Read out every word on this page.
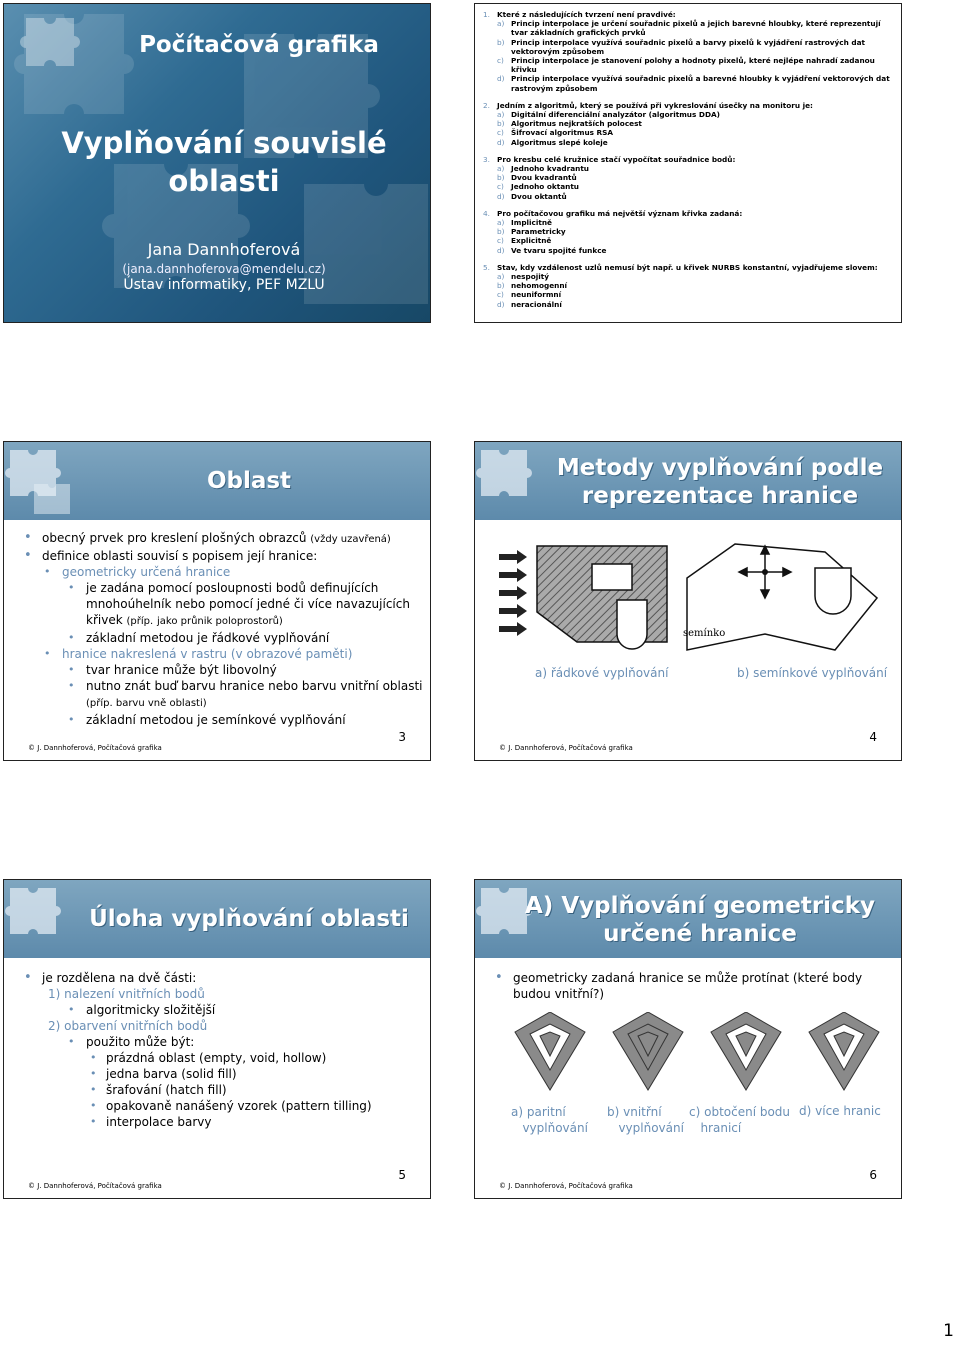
Počítačová grafika
Vyplňování souvislé oblasti
Jana Dannhoferová
(jana.dannhoferova@mendelu.cz)
Ústav informatiky, PEF MZLU
1. Které z následujících tvrzení není pravdivé:
a) Princip interpolace je určení souřadnic pixelů a jejich barevné hloubky, které reprezentují tvar základních grafických prvků
b) Princip interpolace využívá souřadnic pixelů a barvy pixelů k vyjádření rastrových dat vektorovým způsobem
c) Princip interpolace je stanovení polohy a hodnoty pixelů, které nejlépe nahradí zadanou křivku
d) Princip interpolace využívá souřadnic pixelů a barevné hloubky k vyjádření vektorových dat rastrovým způsobem
2. Jedním z algoritmů, který se používá při vykreslování úsečky na monitoru je:
a) Digitální diferenciální analyzátor (algoritmus DDA)
b) Algoritmus nejkratších polocest
c) Šifrovací algoritmus RSA
d) Algoritmus slepé koleje
3. Pro kresbu celé kružnice stačí vypočítat souřadnice bodů:
a) Jednoho kvadrantu
b) Dvou kvadrantů
c) Jednoho oktantu
d) Dvou oktantů
4. Pro počítačovou grafiku má největší význam křivka zadaná:
a) Implicitně
b) Parametricky
c) Explicitně
d) Ve tvaru spojité funkce
5. Stav, kdy vzdálenost uzlů nemusí být např. u křivek NURBS konstantní, vyjadřujeme slovem:
a) nespojitý
b) nehomogenní
c) neuniformní
d) neracionální
Oblast
• obecný prvek pro kreslení plošných obrazců (vždy uzavřená)
• definice oblasti souvisí s popisem její hranice:
• geometricky určená hranice
• je zadána pomocí posloupnosti bodů definujících mnohoúhelník nebo pomocí jedné či více navazujících křivek (příp. jako průnik poloprostorů)
• základní metodou je řádkové vyplňování
• hranice nakreslená v rastru (v obrazové paměti)
• tvar hranice může být libovolný
• nutno znát buď barvu hranice nebo barvu vnitřní oblasti
(příp. barvu vně oblasti)
• základní metodou je semínkové vyplňování
© J. Dannhoferová, Počítačová grafika
3
Metody vyplňování podle reprezentace hranice
semínko
a) řádkové vyplňování	b) semínkové vyplňování
© J. Dannhoferová, Počítačová grafika
4
Úloha vyplňování oblasti
• je rozdělena na dvě části:
1) nalezení vnitřních bodů
• algoritmicky složitější
2) obarvení vnitřních bodů
• použito může být:
• prázdná oblast (empty, void, hollow)
• jedna barva (solid fill)
• šrafování (hatch fill)
• opakovaně nanášený vzorek (pattern tilling)
• interpolace barvy
© J. Dannhoferová, Počítačová grafika
5
A) Vyplňování geometricky určené hranice
• geometricky zadaná hranice se může protínat (které body budou vnitřní?)
a) paritní
vyplňování
b) vnitřní
vyplňování
c) obtočení bodu
hranicí
d) více hranic
© J. Dannhoferová, Počítačová grafika
6
1
